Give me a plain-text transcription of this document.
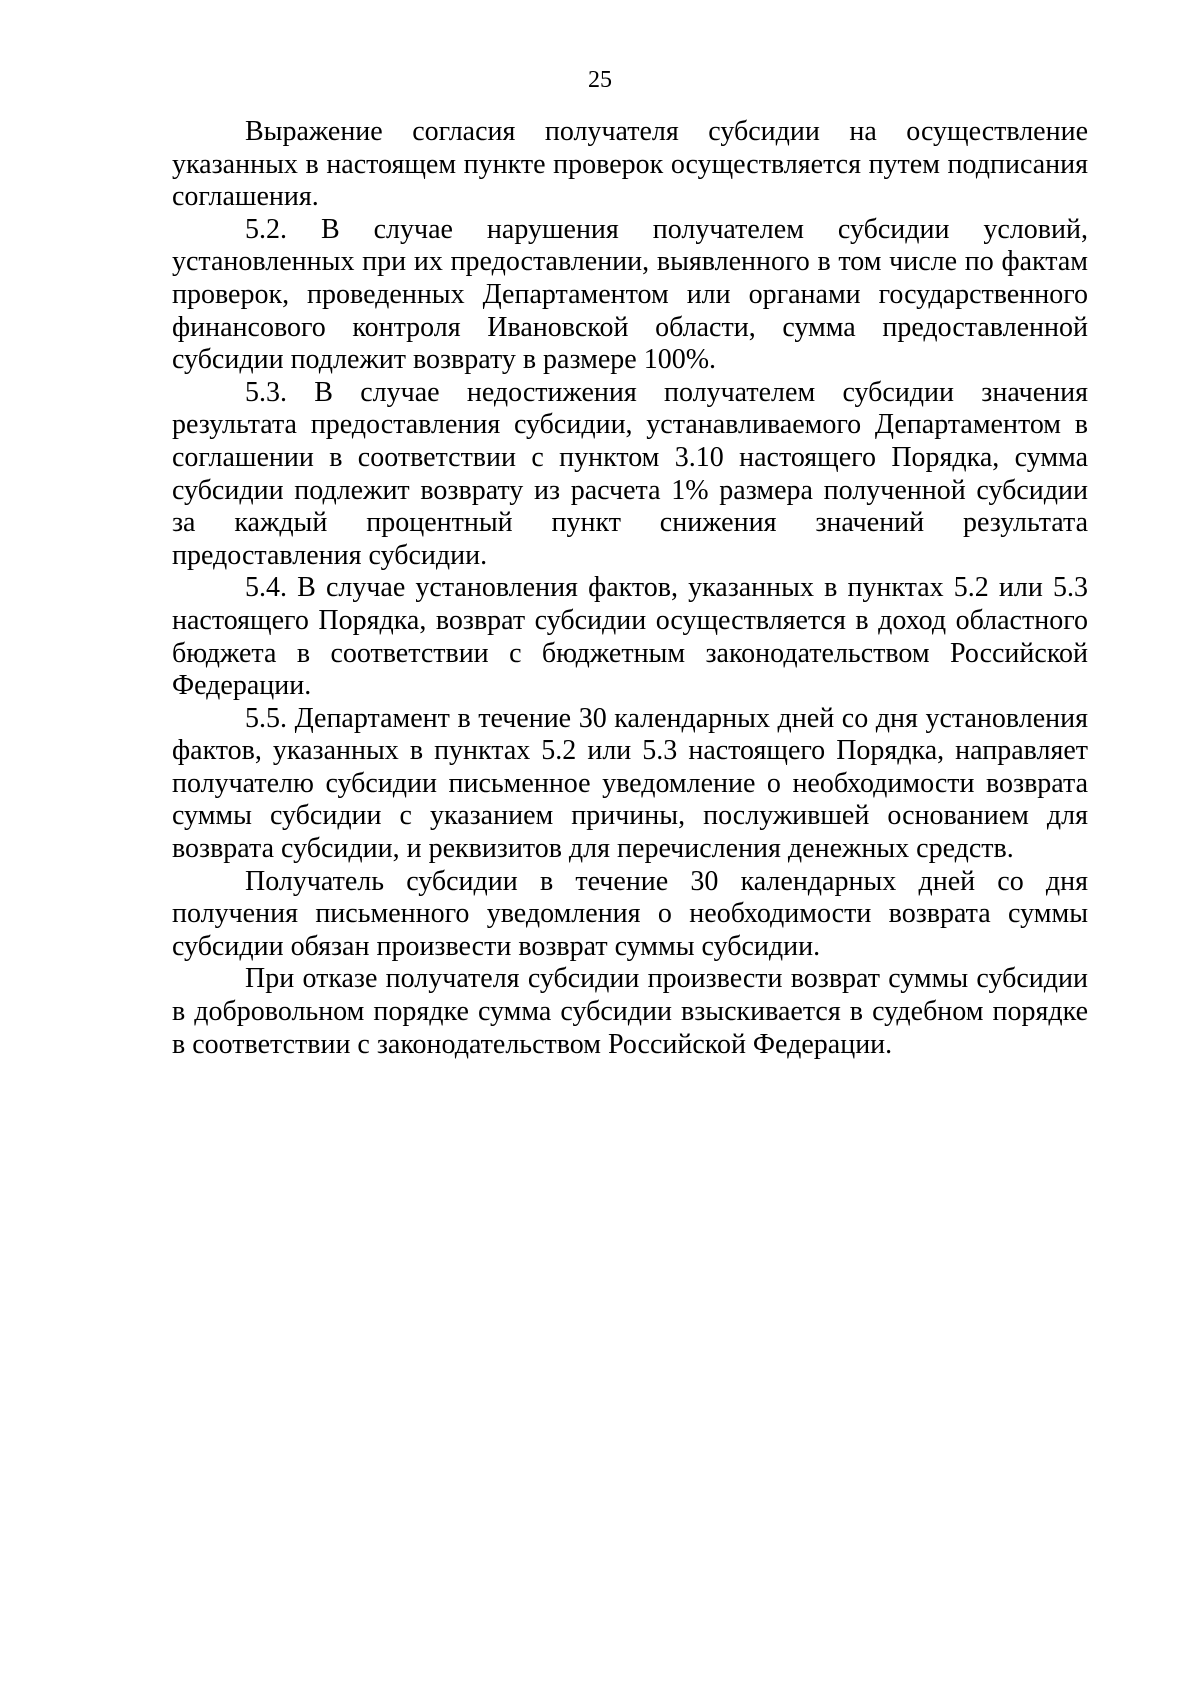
25

Выражение согласия получателя субсидии на осуществление указанных в настоящем пункте проверок осуществляется путем подписания соглашения.

5.2. В случае нарушения получателем субсидии условий, установленных при их предоставлении, выявленного в том числе по фактам проверок, проведенных Департаментом или органами государственного финансового контроля Ивановской области, сумма предоставленной субсидии подлежит возврату в размере 100%.

5.3. В случае недостижения получателем субсидии значения результата предоставления субсидии, устанавливаемого Департаментом в соглашении в соответствии с пунктом 3.10 настоящего Порядка, сумма субсидии подлежит возврату из расчета 1% размера полученной субсидии за каждый процентный пункт снижения значений результата предоставления субсидии.

5.4. В случае установления фактов, указанных в пунктах 5.2 или 5.3 настоящего Порядка, возврат субсидии осуществляется в доход областного бюджета в соответствии с бюджетным законодательством Российской Федерации.

5.5. Департамент в течение 30 календарных дней со дня установления фактов, указанных в пунктах 5.2 или 5.3 настоящего Порядка, направляет получателю субсидии письменное уведомление о необходимости возврата суммы субсидии с указанием причины, послужившей основанием для возврата субсидии, и реквизитов для перечисления денежных средств.

Получатель субсидии в течение 30 календарных дней со дня получения письменного уведомления о необходимости возврата суммы субсидии обязан произвести возврат суммы субсидии.

При отказе получателя субсидии произвести возврат суммы субсидии в добровольном порядке сумма субсидии взыскивается в судебном порядке в соответствии с законодательством Российской Федерации.
